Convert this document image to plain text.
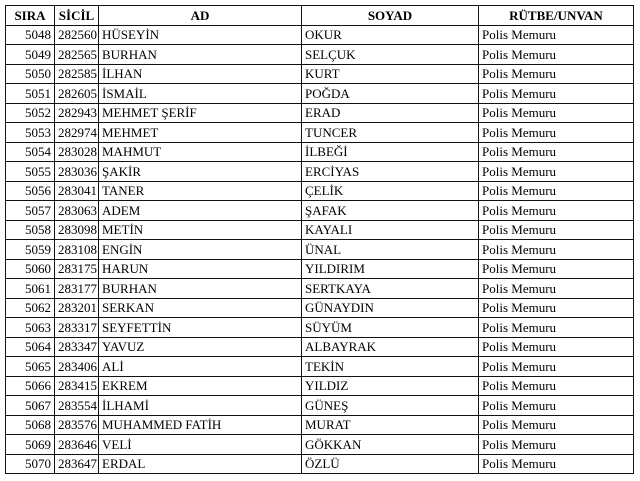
SIRA	SİCİL	AD	SOYAD	RÜTBE/UNVAN
5048	282560	HÜSEYİN	OKUR	Polis Memuru
5049	282565	BURHAN	SELÇUK	Polis Memuru
5050	282585	İLHAN	KURT	Polis Memuru
5051	282605	İSMAİL	POĞDA	Polis Memuru
5052	282943	MEHMET ŞERİF	ERAD	Polis Memuru
5053	282974	MEHMET	TUNCER	Polis Memuru
5054	283028	MAHMUT	İLBEĞİ	Polis Memuru
5055	283036	ŞAKİR	ERCİYAS	Polis Memuru
5056	283041	TANER	ÇELİK	Polis Memuru
5057	283063	ADEM	ŞAFAK	Polis Memuru
5058	283098	METİN	KAYALI	Polis Memuru
5059	283108	ENGİN	ÜNAL	Polis Memuru
5060	283175	HARUN	YILDIRIM	Polis Memuru
5061	283177	BURHAN	SERTKAYA	Polis Memuru
5062	283201	SERKAN	GÜNAYDIN	Polis Memuru
5063	283317	SEYFETTİN	SÜYÜM	Polis Memuru
5064	283347	YAVUZ	ALBAYRAK	Polis Memuru
5065	283406	ALİ	TEKİN	Polis Memuru
5066	283415	EKREM	YILDIZ	Polis Memuru
5067	283554	İLHAMİ	GÜNEŞ	Polis Memuru
5068	283576	MUHAMMED FATİH	MURAT	Polis Memuru
5069	283646	VELİ	GÖKKAN	Polis Memuru
5070	283647	ERDAL	ÖZLÜ	Polis Memuru
